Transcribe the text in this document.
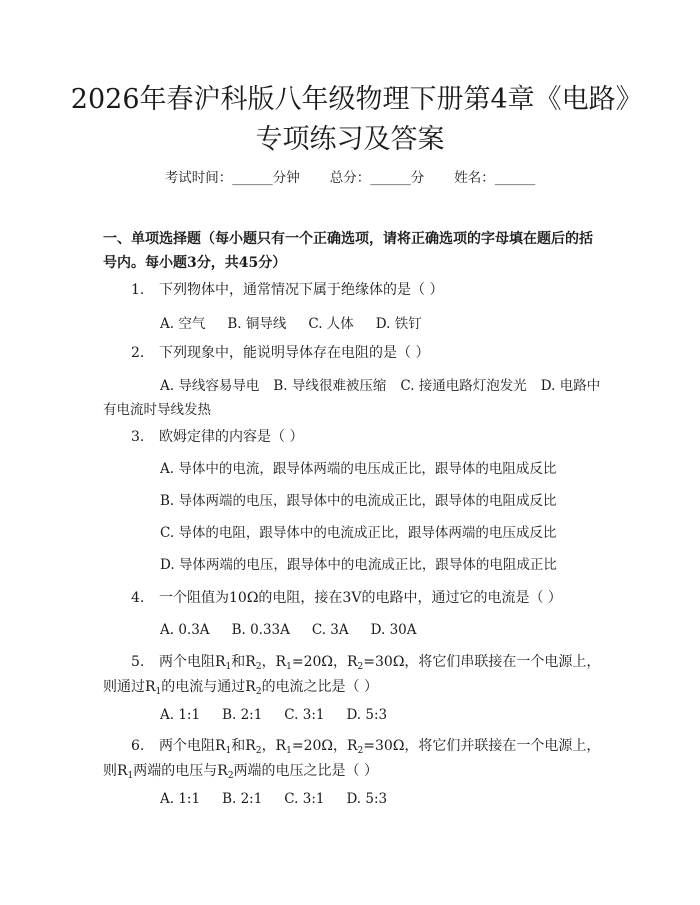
2026年春沪科版八年级物理下册第4章《电路》专项练习及答案
考试时间：______分钟 总分：______分 姓名：______
一、单项选择题（每小题只有一个正确选项，请将正确选项的字母填在题后的括号内。每小题3分，共45分）
1. 下列物体中，通常情况下属于绝缘体的是（ ）
A. 空气 B. 铜导线 C. 人体 D. 铁钉
2. 下列现象中，能说明导体存在电阻的是（ ）
A. 导线容易导电 B. 导线很难被压缩 C. 接通电路灯泡发光 D. 电路中有电流时导线发热
3. 欧姆定律的内容是（ ）
A. 导体中的电流，跟导体两端的电压成正比，跟导体的电阻成反比
B. 导体两端的电压，跟导体中的电流成正比，跟导体的电阻成反比
C. 导体的电阻，跟导体中的电流成正比，跟导体两端的电压成反比
D. 导体两端的电压，跟导体中的电流成正比，跟导体的电阻成正比
4. 一个阻值为10Ω的电阻，接在3V的电路中，通过它的电流是（ ）
A. 0.3A B. 0.33A C. 3A D. 30A
5. 两个电阻$R_1$和$R_2$，$R_1=20\Omega$，$R_2=30\Omega$，将它们串联接在一个电源上，则通过$R_1$的电流与通过$R_2$的电流之比是（ ）
A. 1:1 B. 2:1 C. 3:1 D. 5:3
6. 两个电阻$R_1$和$R_2$，$R_1=20\Omega$，$R_2=30\Omega$，将它们并联接在一个电源上，则$R_1$两端的电压与$R_2$两端的电压之比是（ ）
A. 1:1 B. 2:1 C. 3:1 D. 5:3
